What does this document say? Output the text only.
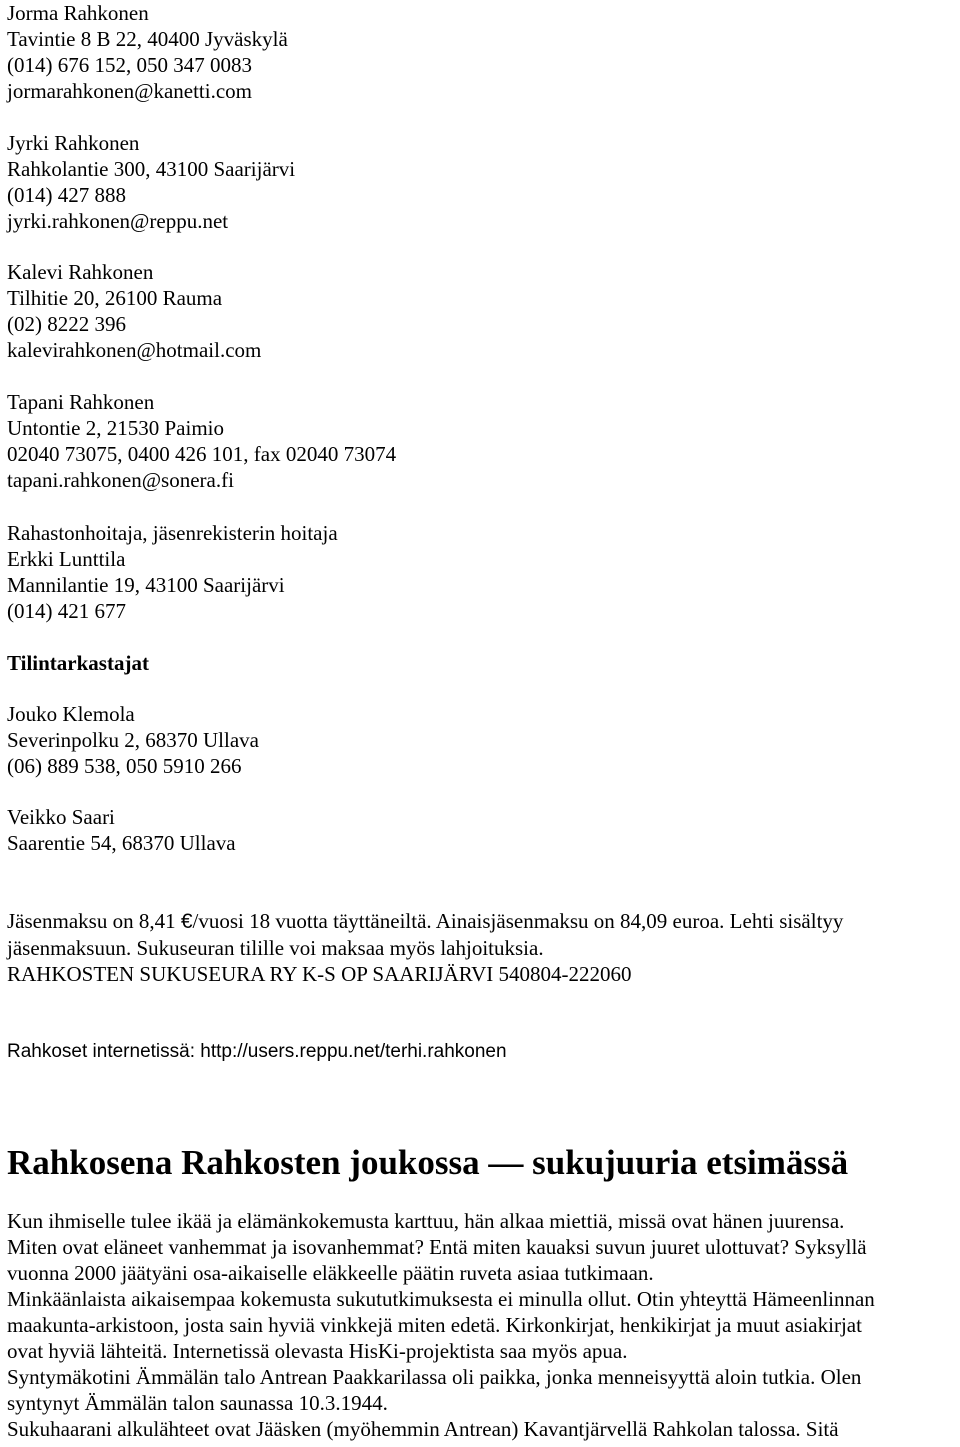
Jorma Rahkonen

Tavintie 8 B 22, 40400 Jyväskylä

(014) 676 152, 050 347 0083

jormarahkonen@kanetti.com

Jyrki Rahkonen

Rahkolantie 300, 43100 Saarijärvi

(014) 427 888

jyrki.rahkonen@reppu.net

Kalevi Rahkonen

Tilhitie 20, 26100 Rauma

(02) 8222 396

kalevirahkonen@hotmail.com

Tapani Rahkonen

Untontie 2, 21530 Paimio

02040 73075, 0400 426 101, fax 02040 73074

tapani.rahkonen@sonera.fi

Rahastonhoitaja, jäsenrekisterin hoitaja

Erkki Lunttila

Mannilantie 19, 43100 Saarijärvi

(014) 421 677

Tilintarkastajat

Jouko Klemola

Severinpolku 2, 68370 Ullava

(06) 889 538, 050 5910 266

Veikko Saari

Saarentie 54, 68370 Ullava

Jäsenmaksu on 8,41 €/vuosi 18 vuotta täyttäneiltä. Ainaisjäsenmaksu on 84,09 euroa. Lehti sisältyy jäsenmaksuun. Sukuseuran tilille voi maksaa myös lahjoituksia.

RAHKOSTEN SUKUSEURA RY K-S OP SAARIJÄRVI 540804-222060

Rahkoset internetissä: http://users.reppu.net/terhi.rahkonen

Rahkosena Rahkosten joukossa — sukujuuria etsimässä

Kun ihmiselle tulee ikää ja elämänkokemusta karttuu, hän alkaa miettiä, missä ovat hänen juurensa.

Miten ovat eläneet vanhemmat ja isovanhemmat? Entä miten kauaksi suvun juuret ulottuvat? Syksyllä

vuonna 2000 jäätyäni osa-aikaiselle eläkkeelle päätin ruveta asiaa tutkimaan.

Minkäänlaista aikaisempaa kokemusta sukututkimuksesta ei minulla ollut. Otin yhteyttä Hämeenlinnan

maakunta-arkistoon, josta sain hyviä vinkkejä miten edetä. Kirkonkirjat, henkikirjat ja muut asiakirjat

ovat hyviä lähteitä. Internetissä olevasta HisKi-projektista saa myös apua.

Syntymäkotini Ämmälän talo Antrean Paakkarilassa oli paikka, jonka menneisyyttä aloin tutkia. Olen

syntynyt Ämmälän talon saunassa 10.3.1944.

Sukuhaarani alkulähteet ovat Jääsken (myöhemmin Antrean) Kavantjärvellä Rahkolan talossa. Sitä
